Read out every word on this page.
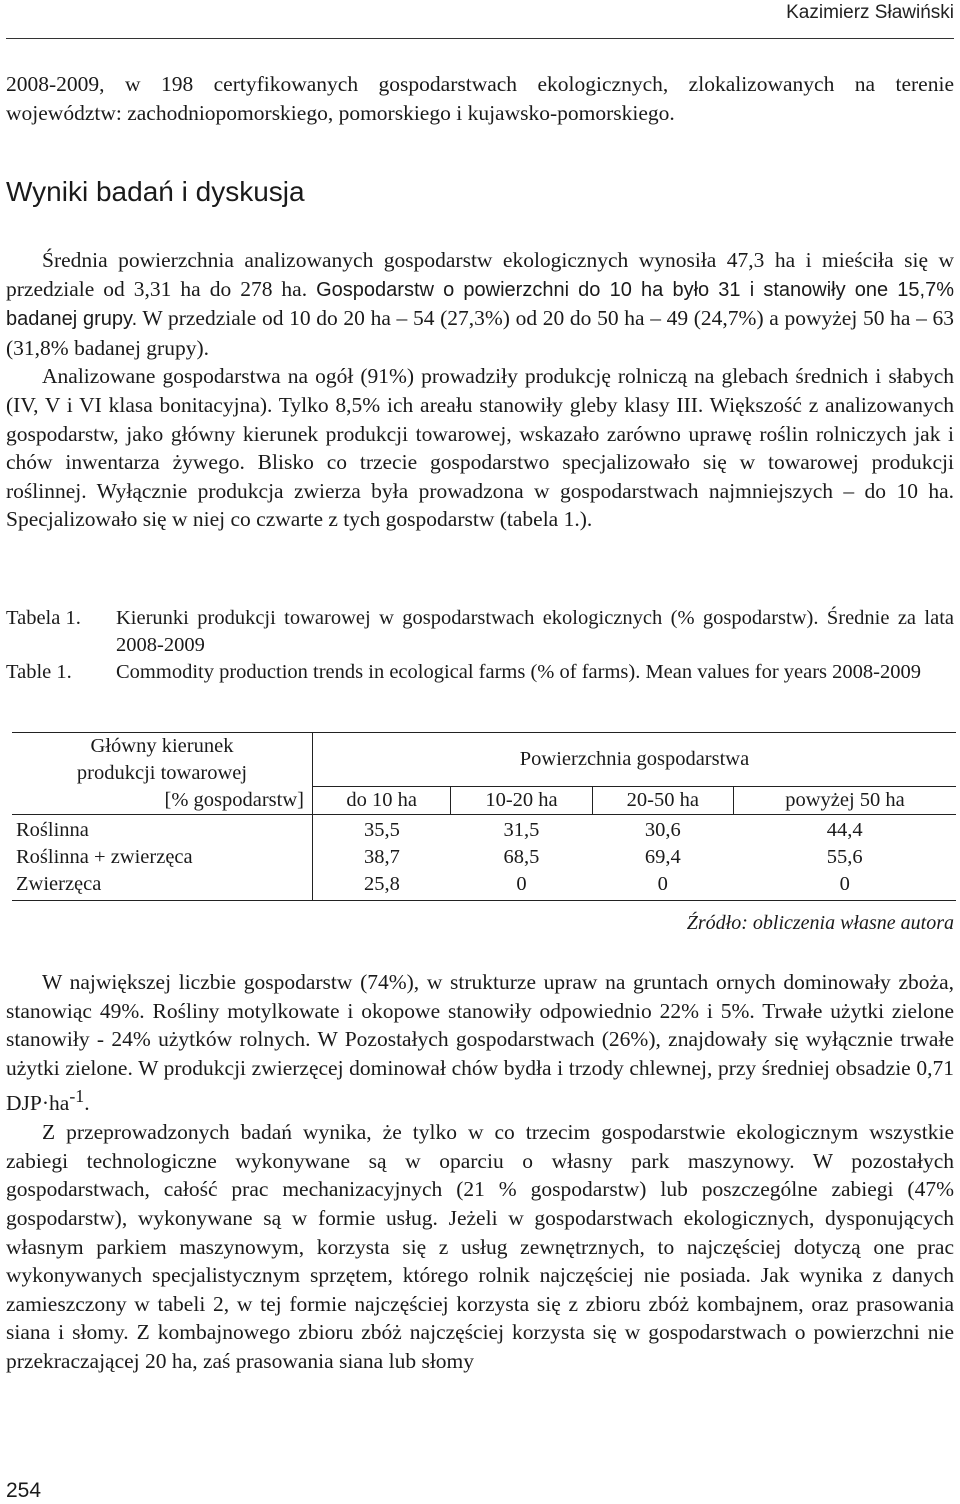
Kazimierz Sławiński
2008-2009, w 198 certyfikowanych gospodarstwach ekologicznych, zlokalizowanych na terenie województw: zachodniopomorskiego, pomorskiego i kujawsko-pomorskiego.
Wyniki badań i dyskusja

Średnia powierzchnia analizowanych gospodarstw ekologicznych wynosiła 47,3 ha i mieściła się w przedziale od 3,31 ha do 278 ha. Gospodarstw o powierzchni do 10 ha było 31 i stanowiły one 15,7% badanej grupy. W przedziale od 10 do 20 ha – 54 (27,3%) od 20 do 50 ha – 49 (24,7%) a powyżej 50 ha – 63 (31,8% badanej grupy).

Analizowane gospodarstwa na ogół (91%) prowadziły produkcję rolniczą na glebach średnich i słabych (IV, V i VI klasa bonitacyjna). Tylko 8,5% ich areału stanowiły gleby klasy III. Większość z analizowanych gospodarstw, jako główny kierunek produkcji towarowej, wskazało zarówno uprawę roślin rolniczych jak i chów inwentarza żywego. Blisko co trzecie gospodarstwo specjalizowało się w towarowej produkcji roślinnej. Wyłącznie produkcja zwierza była prowadzona w gospodarstwach najmniejszych – do 10 ha. Specjalizowało się w niej co czwarte z tych gospodarstw (tabela 1.).

Tabela 1.	Kierunki produkcji towarowej w gospodarstwach ekologicznych (% gospodarstw). Średnie za lata 2008-2009
Table 1.	Commodity production trends in ecological farms (% of farms). Mean values for years 2008-2009
Główny kierunek
produkcji towarowej
[% gospodarstw]	Powierzchnia gospodarstwa			
	do 10 ha	10-20 ha	20-50 ha	powyżej 50 ha
Roślinna	35,5	31,5	30,6	44,4
Roślinna + zwierzęca	38,7	68,5	69,4	55,6
Zwierzęca	25,8	0	0	0
Źródło: obliczenia własne autora

W największej liczbie gospodarstw (74%), w strukturze upraw na gruntach ornych dominowały zboża, stanowiąc 49%. Rośliny motylkowate i okopowe stanowiły odpowiednio 22% i 5%. Trwałe użytki zielone stanowiły - 24% użytków rolnych. W Pozostałych gospodarstwach (26%), znajdowały się wyłącznie trwałe użytki zielone. W produkcji zwierzęcej dominował chów bydła i trzody chlewnej, przy średniej obsadzie 0,71 $DJP\cdot ha^{-1}$.

Z przeprowadzonych badań wynika, że tylko w co trzecim gospodarstwie ekologicznym wszystkie zabiegi technologiczne wykonywane są w oparciu o własny park maszynowy. W pozostałych gospodarstwach, całość prac mechanizacyjnych (21 % gospodarstw) lub poszczególne zabiegi (47% gospodarstw), wykonywane są w formie usług. Jeżeli w gospodarstwach ekologicznych, dysponujących własnym parkiem maszynowym, korzysta się z usług zewnętrznych, to najczęściej dotyczą one prac wykonywanych specjalistycznym sprzętem, którego rolnik najczęściej nie posiada. Jak wynika z danych zamieszczony w tabeli 2, w tej formie najczęściej korzysta się z zbioru zbóż kombajnem, oraz prasowania siana i słomy. Z kombajnowego zbioru zbóż najczęściej korzysta się w gospodarstwach o powierzchni nie przekraczającej 20 ha, zaś prasowania siana lub słomy

254
